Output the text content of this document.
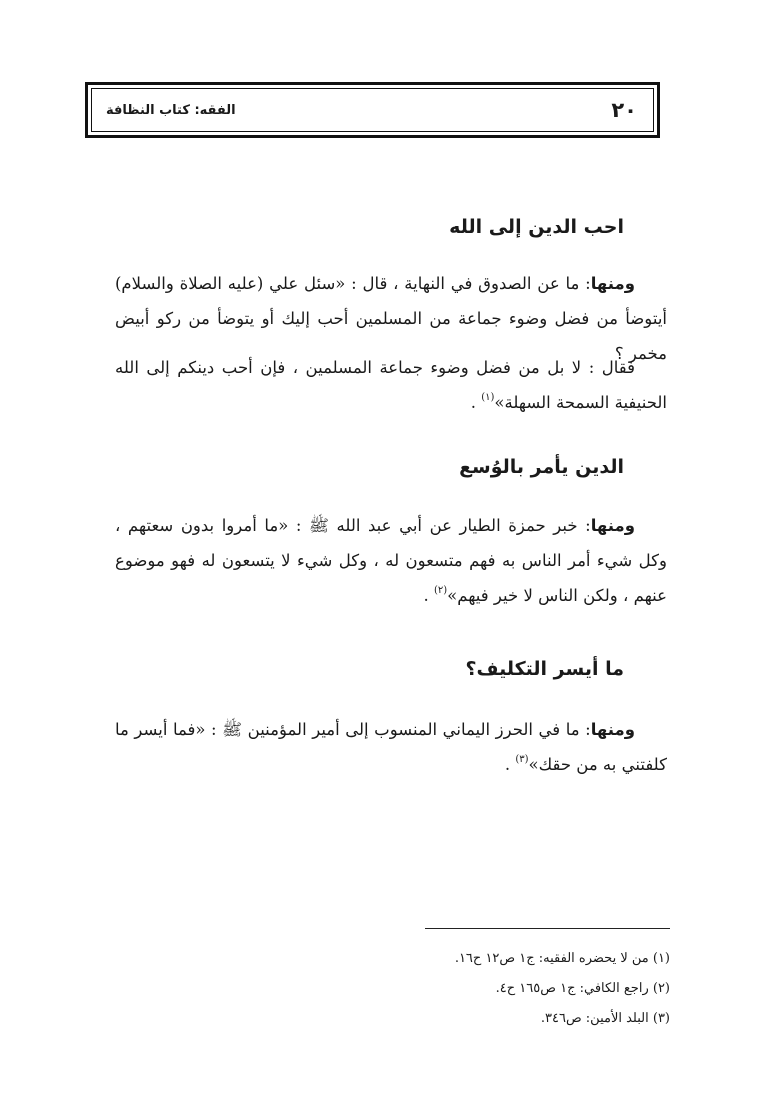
٢٠
الفقه: كتاب النظافة
احب الدين إلى الله

ومنها: ما عن الصدوق في النهاية ، قال : «سئل علي (عليه الصلاة والسلام) أيتوضأ من فضل وضوء جماعة من المسلمين أحب إليك أو يتوضأ من ركو أبيض مخمر ؟

فقال : لا بل من فضل وضوء جماعة المسلمين ، فإن أحب دينكم إلى الله الحنيفية السمحة السهلة»$^{(١)}$ .

الدين يأمر بالوُسع

ومنها: خبر حمزة الطيار عن أبي عبد الله ﷺ : «ما أمروا بدون سعتهم ، وكل شيء أمر الناس به فهم متسعون له ، وكل شيء لا يتسعون له فهو موضوع عنهم ، ولكن الناس لا خير فيهم»$^{(٢)}$ .

ما أيسر التكليف؟

ومنها: ما في الحرز اليماني المنسوب إلى أمير المؤمنين ﷺ : «فما أيسر ما كلفتني به من حقك»$^{(٣)}$ .

(١) من لا يحضره الفقيه: ج١ ص١٢ ح١٦.
(٢) راجع الكافي: ج١ ص١٦٥ ح٤.
(٣) البلد الأمين: ص٣٤٦.
